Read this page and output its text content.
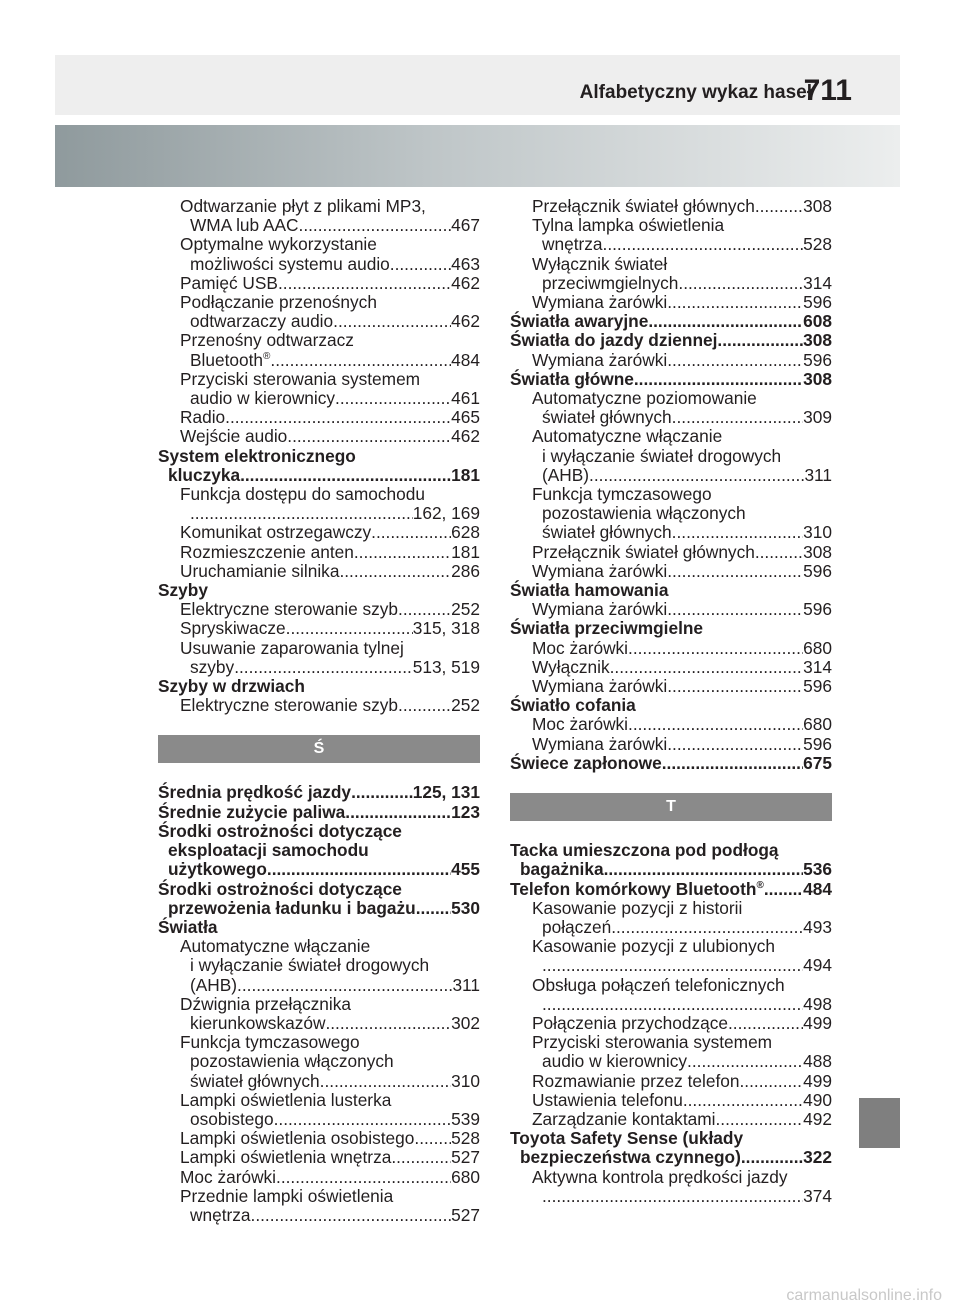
Alfabetyczny wykaz haseł
711
Odtwarzanie płyt z plikami MP3,
WMA lub AAC .....	467
Optymalne wykorzystanie
możliwości systemu audio .....	463
Pamięć USB .....	462
Podłączanie przenośnych
odtwarzaczy audio .....	462
Przenośny odtwarzacz
Bluetooth® .....	484
Przyciski sterowania systemem
audio w kierownicy .....	461
Radio .....	465
Wejście audio .....	462
System elektronicznego
kluczyka .....	181
Funkcja dostępu do samochodu
.....
162, 169
Komunikat ostrzegawczy .....	628
Rozmieszczenie anten .....	181
Uruchamianie silnika .....	286
Szyby
Elektryczne sterowanie szyb .....	252
Spryskiwacze .....	315, 318
Usuwanie zaparowania tylnej
szyby .....	513, 519
Szyby w drzwiach
Elektryczne sterowanie szyb .....	252
Ś
Średnia prędkość jazdy .....	125, 131
Średnie zużycie paliwa .....	123
Środki ostrożności dotyczące
eksploatacji samochodu
użytkowego .....	455
Środki ostrożności dotyczące
przewożenia ładunku i bagażu ..... 530
Światła
Automatyczne włączanie
i wyłączanie świateł drogowych
(AHB) .....	311
Dźwignia przełącznika
kierunkowskazów .....	302
Funkcja tymczasowego
pozostawienia włączonych
świateł głównych .....	310
Lampki oświetlenia lusterka
osobistego .....	539
Lampki oświetlenia osobistego ..... 528
Lampki oświetlenia wnętrza .....	527
Moc żarówki .....	680
Przednie lampki oświetlenia
wnętrza .....	527
Przełącznik świateł głównych .....	308
Tylna lampka oświetlenia
wnętrza .....	528
Wyłącznik świateł
przeciwmgielnych .....	314
Wymiana żarówki .....	596
Światła awaryjne .....	608
Światła do jazdy dziennej .....	308
Wymiana żarówki .....	596
Światła główne .....	308
Automatyczne poziomowanie
świateł głównych .....	309
Automatyczne włączanie
i wyłączanie świateł drogowych
(AHB) .....	311
Funkcja tymczasowego
pozostawienia włączonych
świateł głównych .....	310
Przełącznik świateł głównych .....	308
Wymiana żarówki .....	596
Światła hamowania
Wymiana żarówki .....	596
Światła przeciwmgielne
Moc żarówki .....	680
Wyłącznik .....	314
Wymiana żarówki .....	596
Światło cofania
Moc żarówki .....	680
Wymiana żarówki .....	596
Świece zapłonowe .....	675
T
Tacka umieszczona pod podłogą
bagażnika .....	536
Telefon komórkowy Bluetooth® ..... 484
Kasowanie pozycji z historii
połączeń .....	493
Kasowanie pozycji z ulubionych
.....
494
Obsługa połączeń telefonicznych
.....
498
Połączenia przychodzące .....	499
Przyciski sterowania systemem
audio w kierownicy .....	488
Rozmawianie przez telefon .....	499
Ustawienia telefonu .....	490
Zarządzanie kontaktami .....	492
Toyota Safety Sense (układy
bezpieczeństwa czynnego) .....	322
Aktywna kontrola prędkości jazdy
.....
374
carmanualsonline.info
